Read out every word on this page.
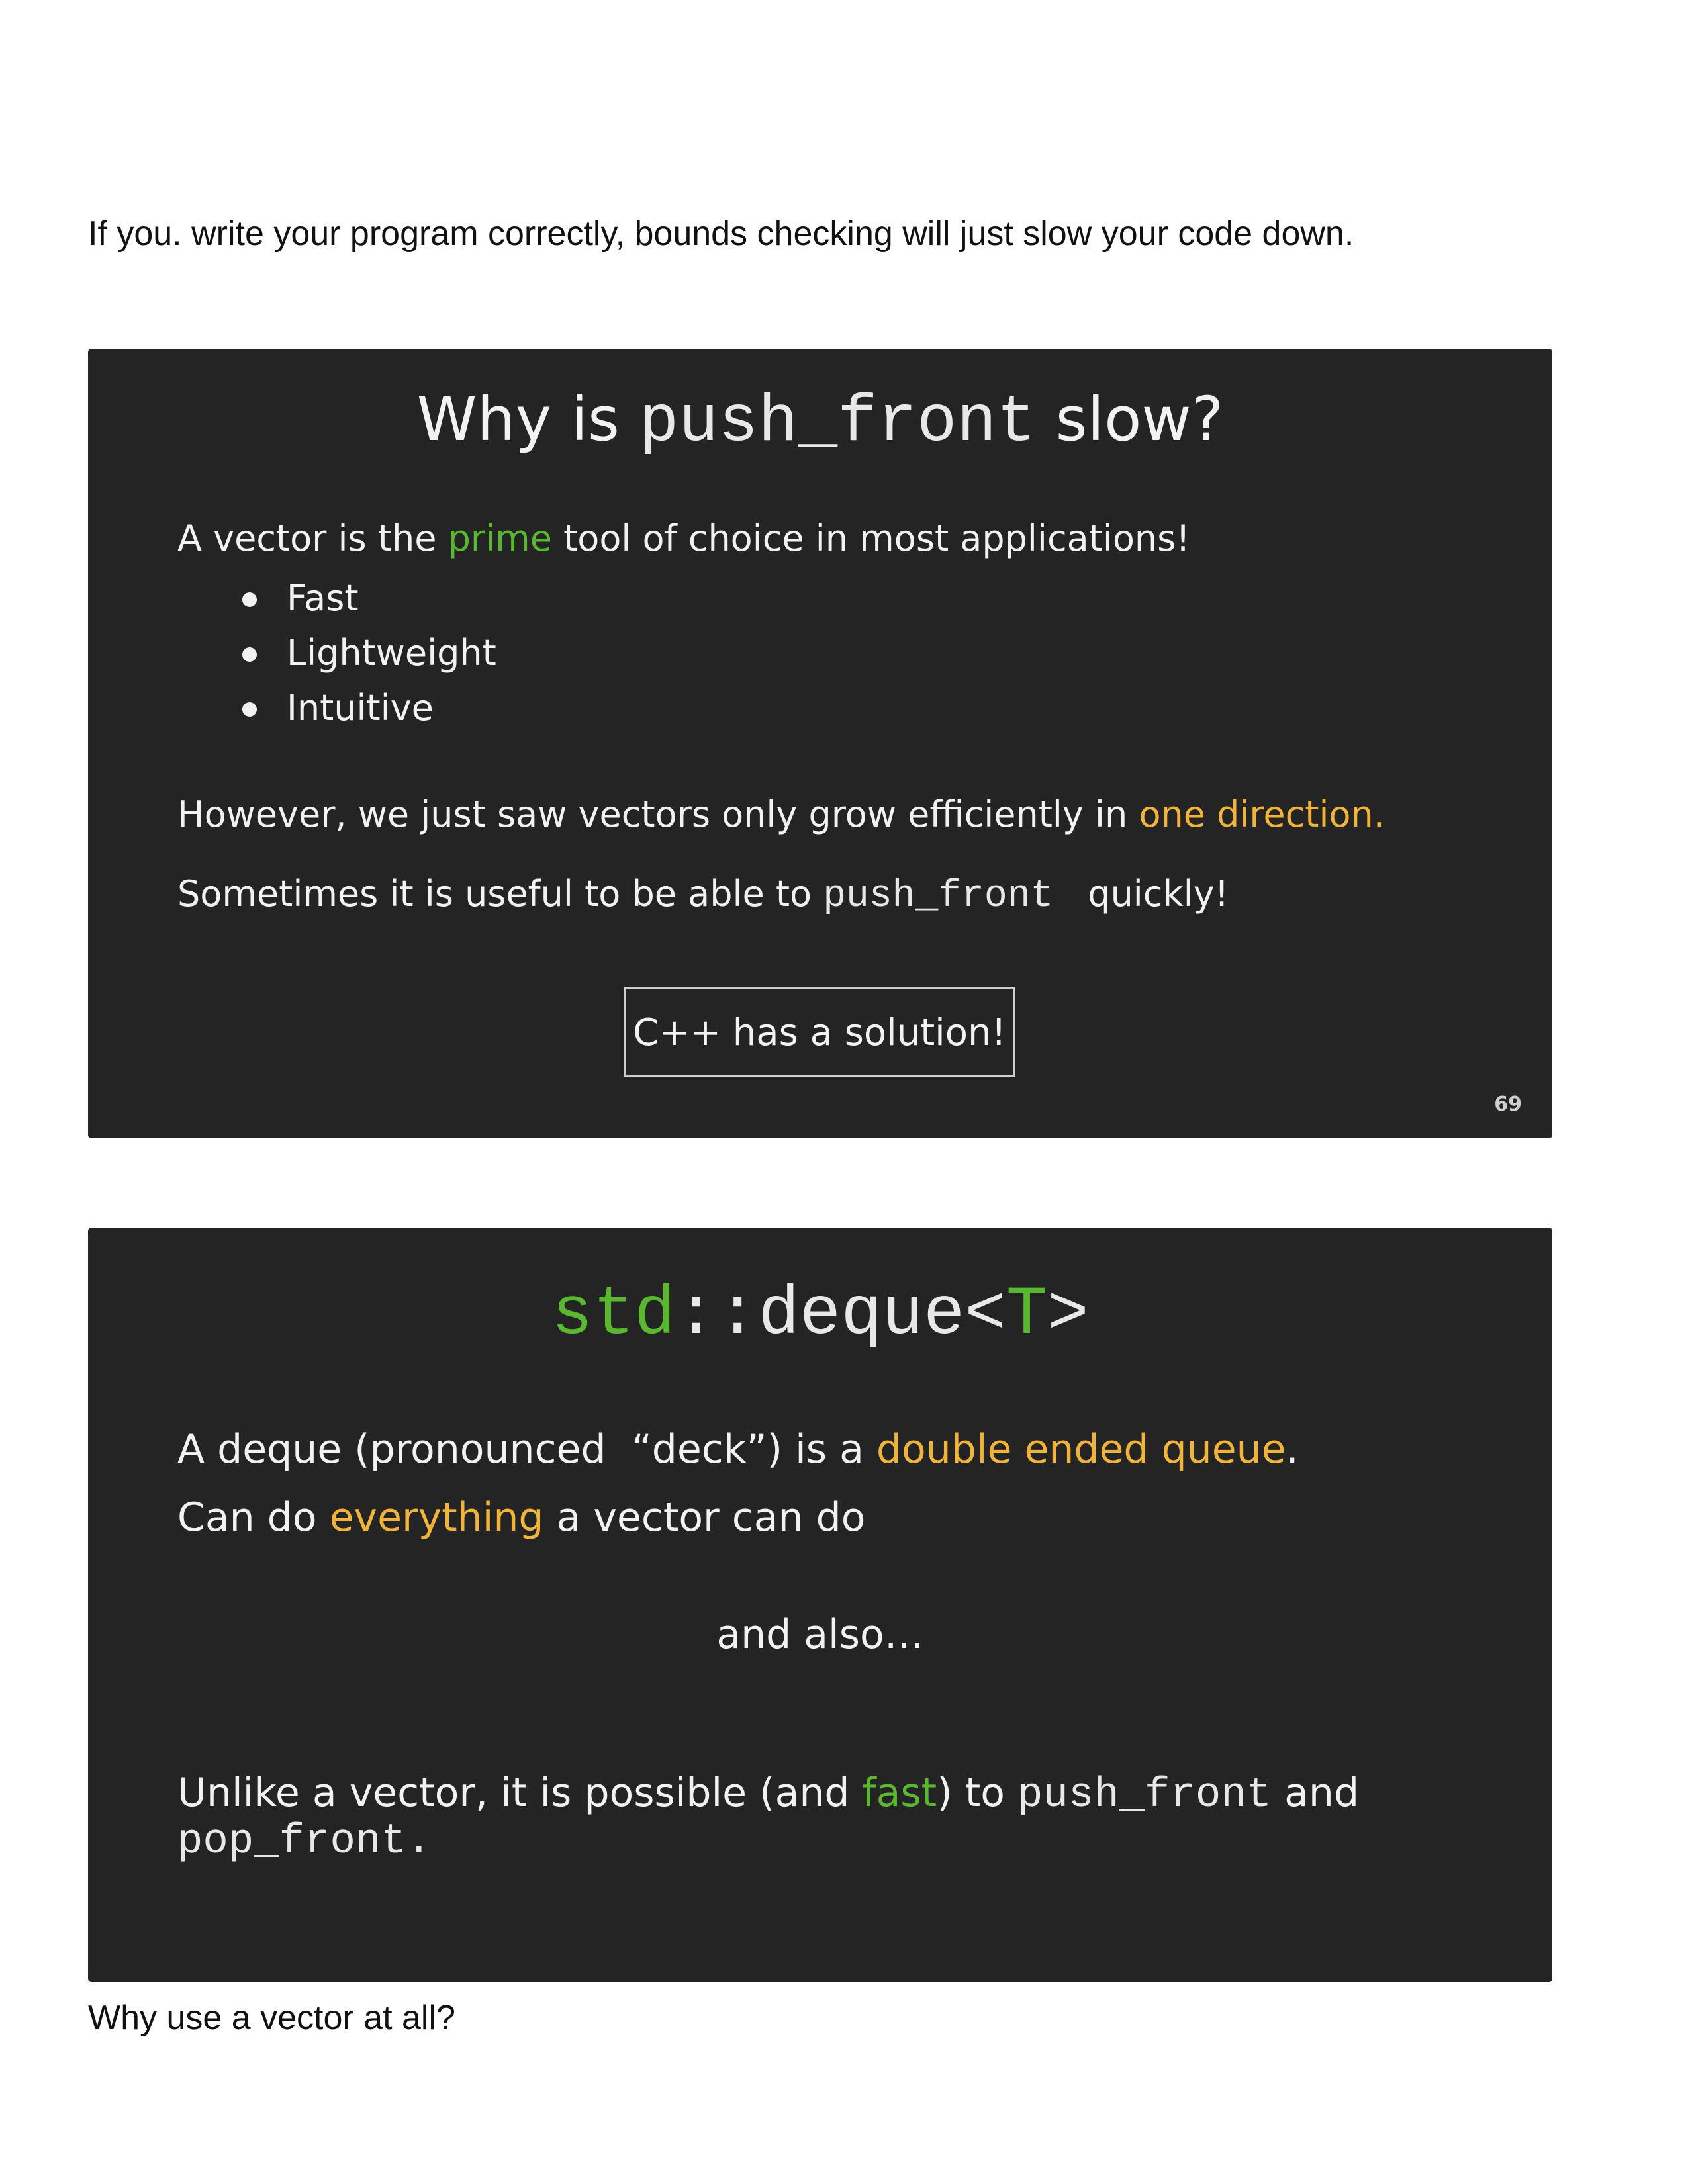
If you. write your program correctly, bounds checking will just slow your code down.

Why is push_front slow?
A vector is the prime tool of choice in most applications!
Fast
Lightweight
Intuitive
However, we just saw vectors only grow efficiently in one direction.
Sometimes it is useful to be able to push_front  quickly!
C++ has a solution!
69
std::deque<T>
A deque (pronounced  “deck”) is a double ended queue.
Can do everything a vector can do
and also…
Unlike a vector, it is possible (and fast) to push_front and
pop_front.

Why use a vector at all?
